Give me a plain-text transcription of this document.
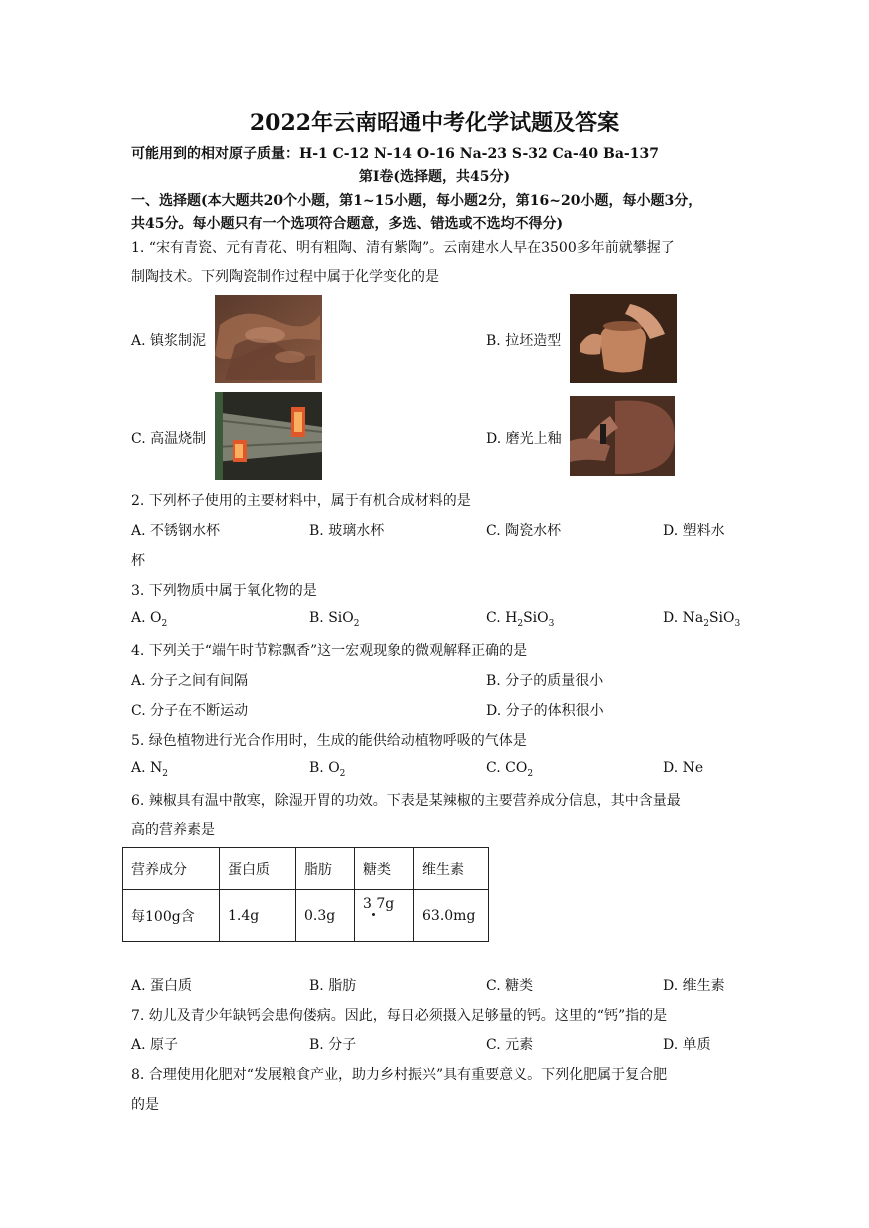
2022年云南昭通中考化学试题及答案
可能用到的相对原子质量：H-1 C-12 N-14 O-16 Na-23 S-32 Ca-40 Ba-137
第Ⅰ卷(选择题，共45分)
一、选择题(本大题共20个小题，第1~15小题，每小题2分，第16~20小题，每小题3分，
共45分。每小题只有一个选项符合题意，多选、错选或不选均不得分)
1. “宋有青瓷、元有青花、明有粗陶、清有紫陶”。云南建水人早在3500多年前就攀握了
制陶技术。下列陶瓷制作过程中属于化学变化的是
A. 镇浆制泥	B. 拉坯造型
C. 高温烧制	D. 磨光上釉
2. 下列杯子使用的主要材料中，属于有机合成材料的是
A. 不锈钢水杯	B. 玻璃水杯	C. 陶瓷水杯	D. 塑料水
杯
3. 下列物质中属于氧化物的是
A. $O_2$	B. SiO$_2$	C. $H_2SiO_3$	D. $Na_2SiO_3$
4. 下列关于“端午时节粽飘香”这一宏观现象的微观解释正确的是
A. 分子之间有间隔	B. 分子的质量很小
C. 分子在不断运动	D. 分子的体积很小
5. 绿色植物进行光合作用时，生成的能供给动植物呼吸的气体是
A. $N_2$	B. $O_2$	C. $CO_2$	D. Ne
6. 辣椒具有温中散寒，除湿开胃的功效。下表是某辣椒的主要营养成分信息，其中含量最
高的营养素是
营养成分	蛋白质	脂肪	糖类	维生素
每100g含	1.4g	0.3g	3 7g	63.0mg
A. 蛋白质	B. 脂肪	C. 糖类	D. 维生素
7. 幼儿及青少年缺钙会患佝偻病。因此，每日必须摄入足够量的钙。这里的“钙”指的是
A. 原子	B. 分子	C. 元素	D. 单质
8. 合理使用化肥对“发展粮食产业，助力乡村振兴”具有重要意义。下列化肥属于复合肥
的是
